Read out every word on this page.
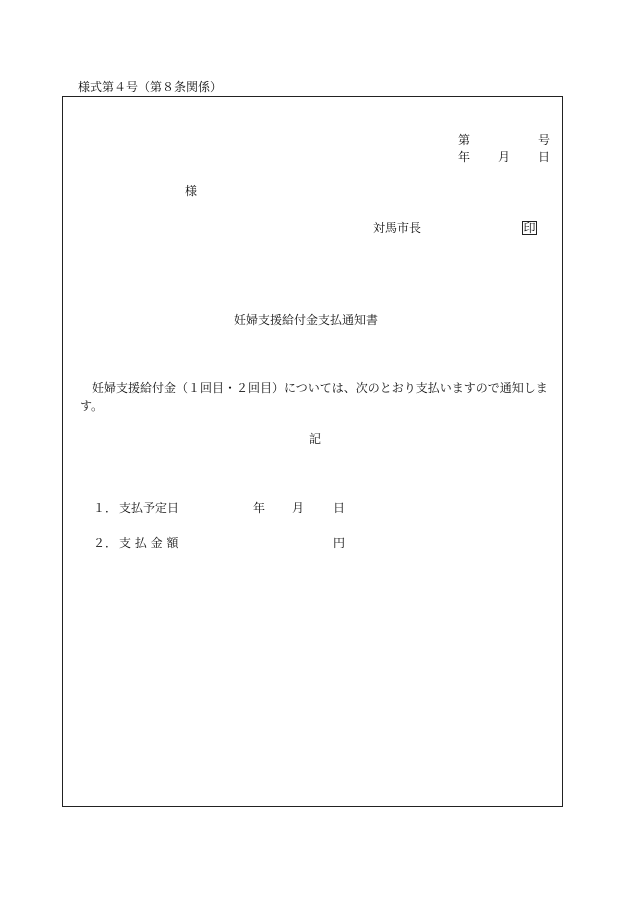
様式第４号（第８条関係）
第	号
年 月 日
様
対馬市長	印
妊婦支援給付金支払通知書
　妊婦支援給付金（１回目・２回目）については、次のとおり支払いますので通知します。
記
１． 支払予定日	年 月 日
２． 支 払 金 額	円
